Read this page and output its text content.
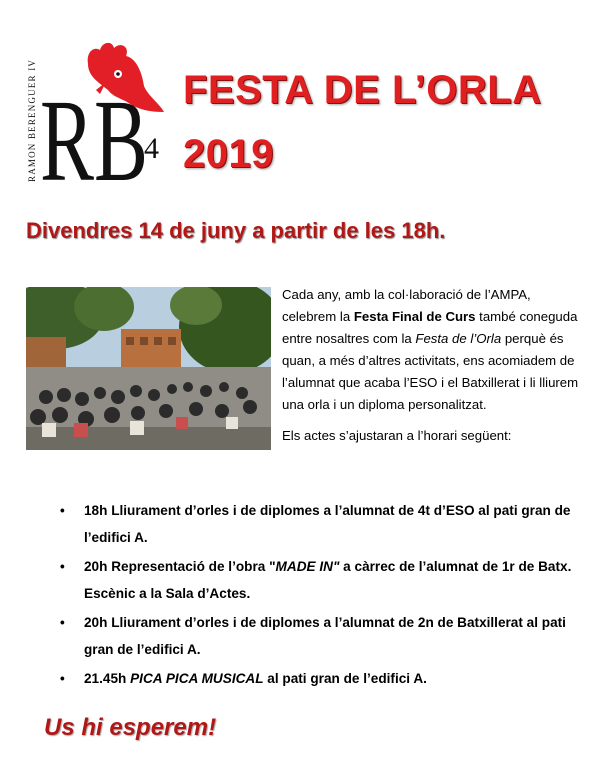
RAMON BERENGUER IV RB
4
FESTA DE L’ORLA
2019
Divendres 14 de juny a partir de les 18h.

Cada any, amb la col·laboració de l’AMPA, celebrem la Festa Final de Curs també coneguda entre nosaltres com la Festa de l’Orla perquè és quan, a més d’altres activitats, ens acomiadem de l’alumnat que acaba l’ESO i el Batxillerat i li lliurem una orla i un diploma personalitzat.

Els actes s’ajustaran a l’horari següent:

• 18h Lliurament d’orles i de diplomes a l’alumnat de 4t d’ESO al pati gran de l’edifici A.
• 20h Representació de l’obra "MADE IN" a càrrec de l’alumnat de 1r de Batx. Escènic a la Sala d’Actes.
• 20h Lliurament d’orles i de diplomes a l’alumnat de 2n de Batxillerat al pati gran de l’edifici A.
• 21.45h PICA PICA MUSICAL al pati gran de l’edifici A.
Us hi esperem!
